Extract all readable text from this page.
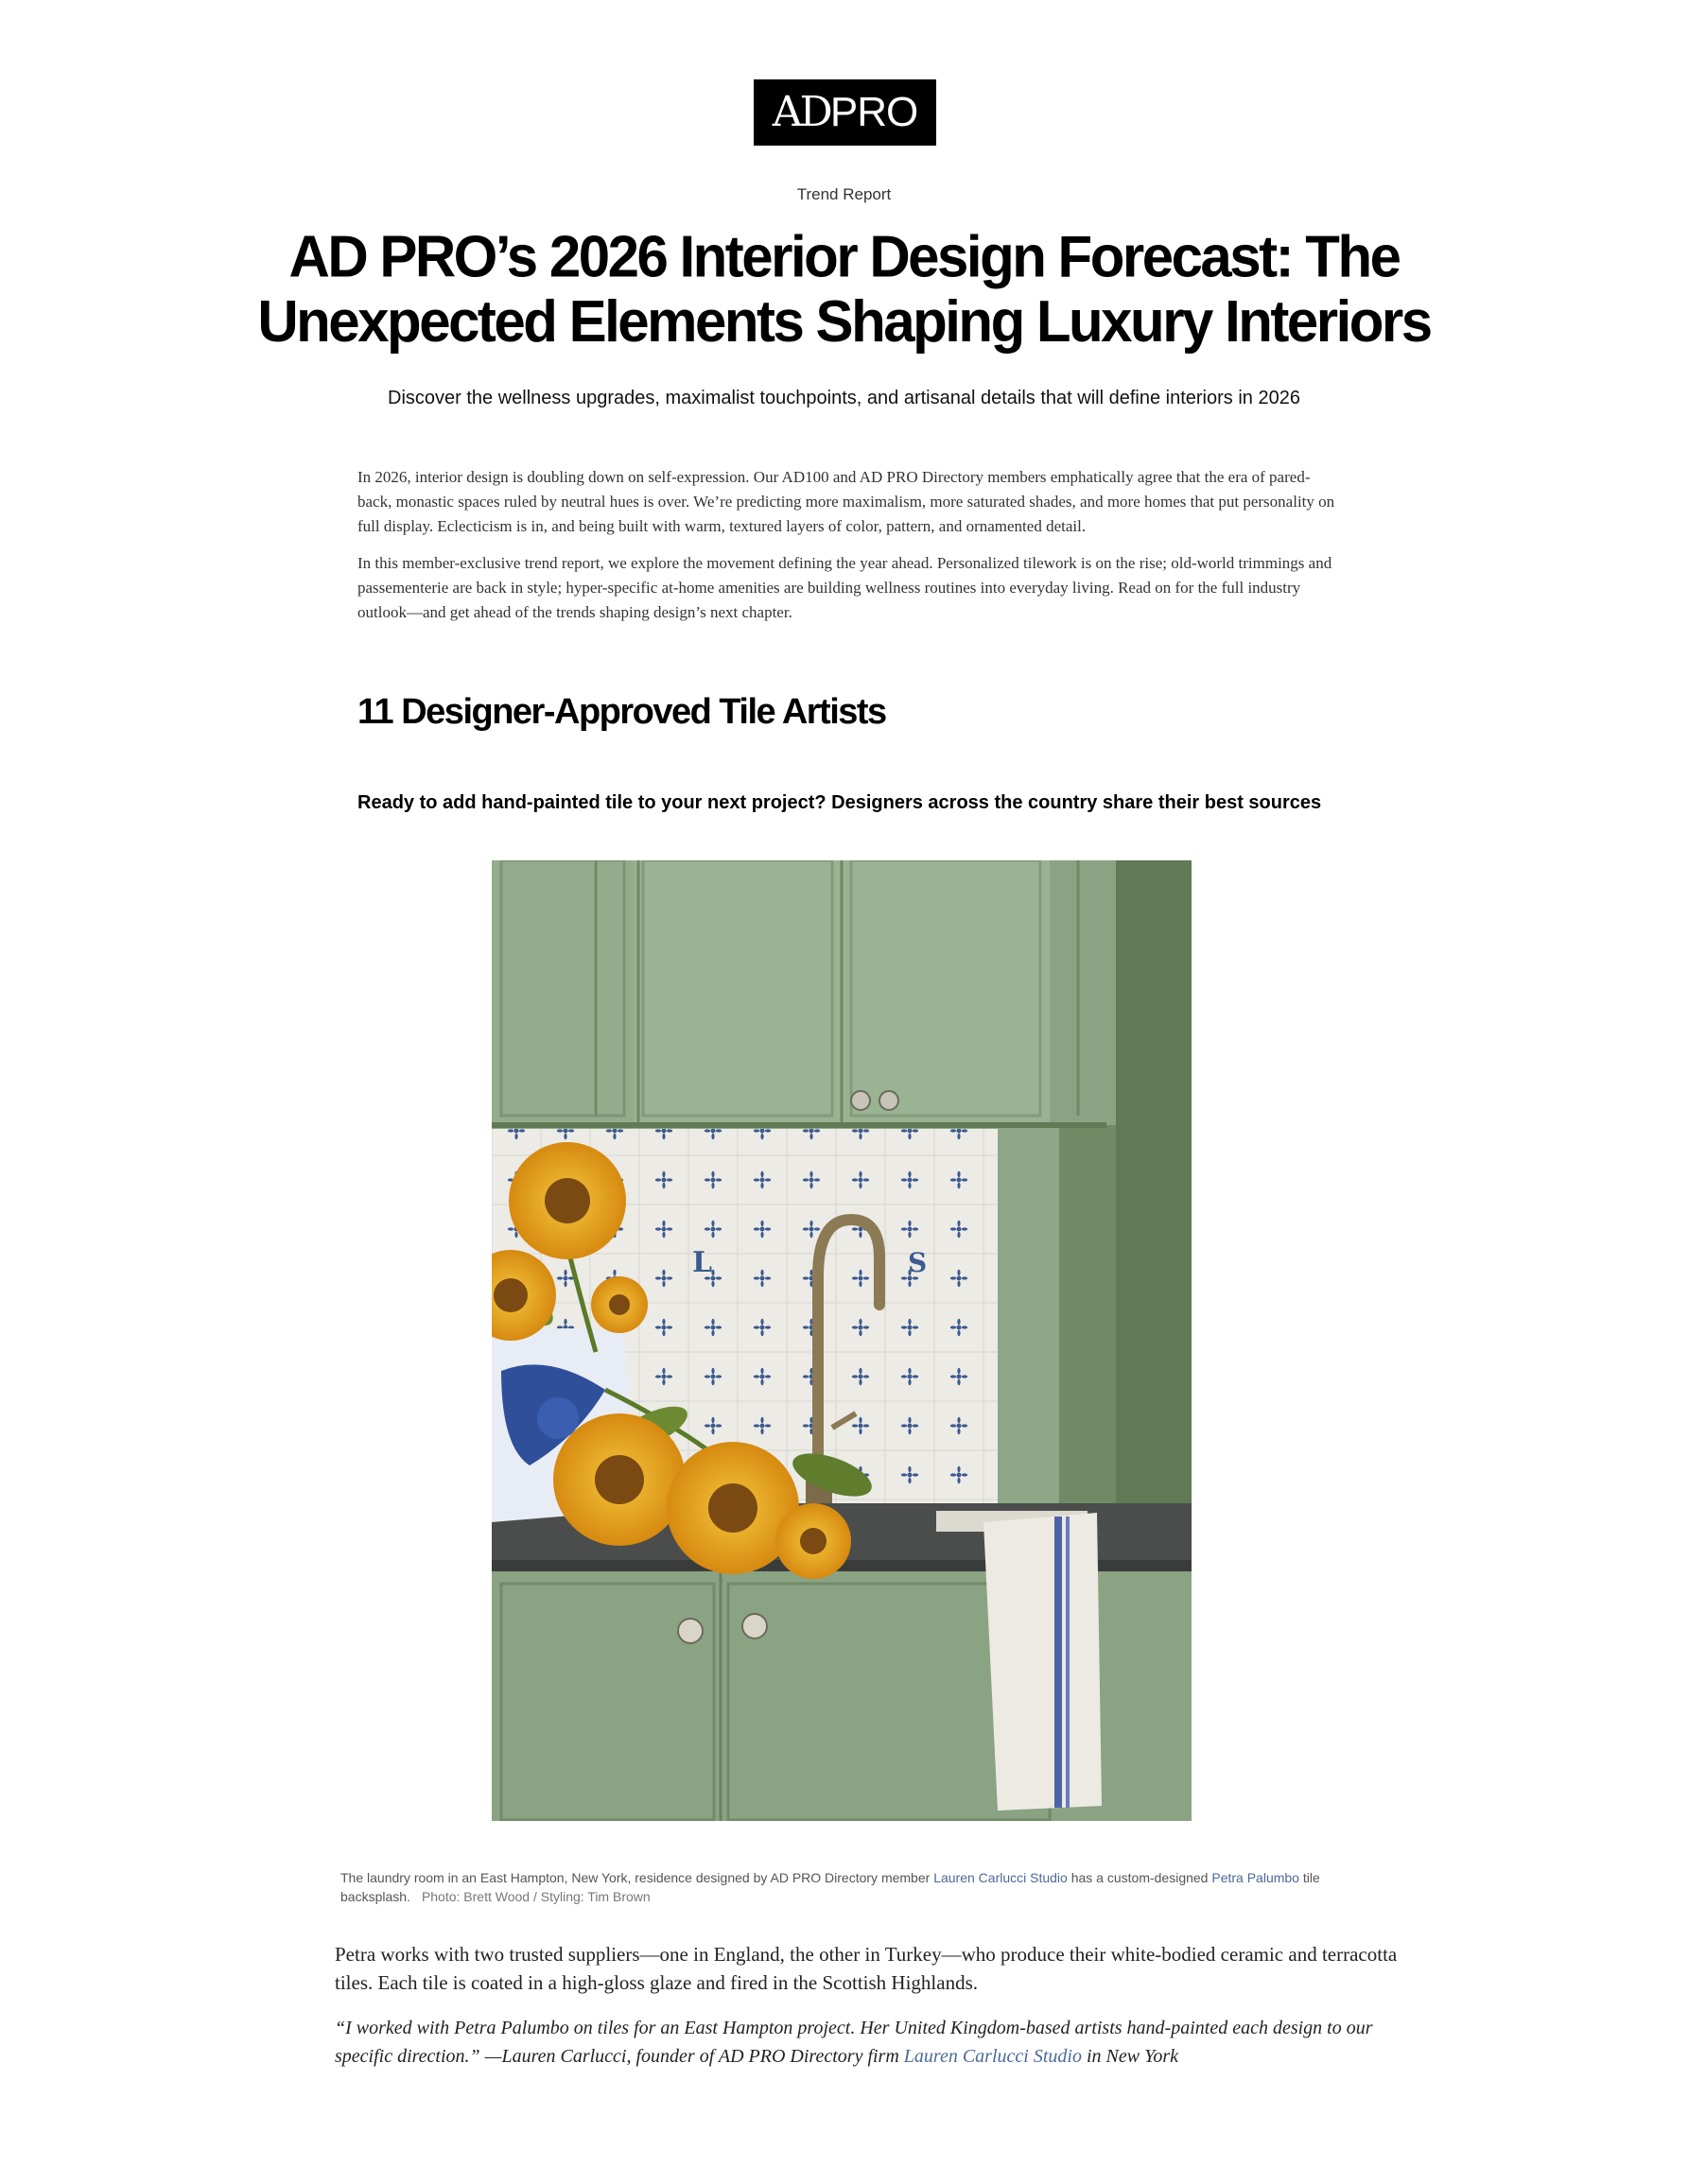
AD PRO
Trend Report
AD PRO’s 2026 Interior Design Forecast: The
Unexpected Elements Shaping Luxury Interiors
Discover the wellness upgrades, maximalist touchpoints, and artisanal details that will define interiors in 2026

In 2026, interior design is doubling down on self-expression. Our AD100 and AD PRO Directory members emphatically agree that the era of pared-back, monastic spaces ruled by neutral hues is over. We’re predicting more maximalism, more saturated shades, and more homes that put personality on full display. Eclecticism is in, and being built with warm, textured layers of color, pattern, and ornamented detail.

In this member-exclusive trend report, we explore the movement defining the year ahead. Personalized tilework is on the rise; old-world trimmings and passementerie are back in style; hyper-specific at-home amenities are building wellness routines into everyday living. Read on for the full industry outlook—and get ahead of the trends shaping design’s next chapter.

11 Designer-Approved Tile Artists
Ready to add hand-painted tile to your next project? Designers across the country share their best sources
L	S
The laundry room in an East Hampton, New York, residence designed by AD PRO Directory member Lauren Carlucci Studio has a custom-designed Petra Palumbo tile backsplash. Photo: Brett Wood / Styling: Tim Brown

Petra works with two trusted suppliers—one in England, the other in Turkey—who produce their white-bodied ceramic and terracotta tiles. Each tile is coated in a high-gloss glaze and fired in the Scottish Highlands.

“I worked with Petra Palumbo on tiles for an East Hampton project. Her United Kingdom-based artists hand-painted each design to our specific direction.” —Lauren Carlucci, founder of AD PRO Directory firm Lauren Carlucci Studio in New York
